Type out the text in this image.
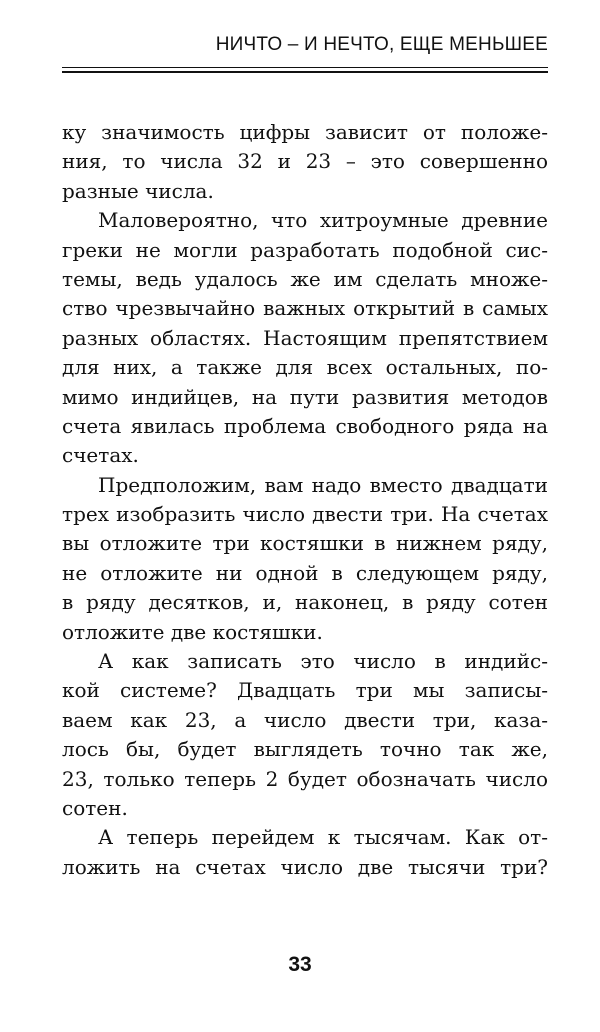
НИЧТО – И НЕЧТО, ЕЩЕ МЕНЬШЕЕ
ку значимость цифры зависит от положе-
ния, то числа 32 и 23 – это совершенно
разные числа.
Маловероятно, что хитроумные древние
греки не могли разработать подобной сис-
темы, ведь удалось же им сделать множе-
ство чрезвычайно важных открытий в самых
разных областях. Настоящим препятствием
для них, а также для всех остальных, по-
мимо индийцев, на пути развития методов
счета явилась проблема свободного ряда на
счетах.
Предположим, вам надо вместо двадцати
трех изобразить число двести три. На счетах
вы отложите три костяшки в нижнем ряду,
не отложите ни одной в следующем ряду,
в ряду десятков, и, наконец, в ряду сотен
отложите две костяшки.
А как записать это число в индийс-
кой системе? Двадцать три мы записы-
ваем как 23, а число двести три, каза-
лось бы, будет выглядеть точно так же,
23, только теперь 2 будет обозначать число
сотен.
А теперь перейдем к тысячам. Как от-
ложить на счетах число две тысячи три?
33
